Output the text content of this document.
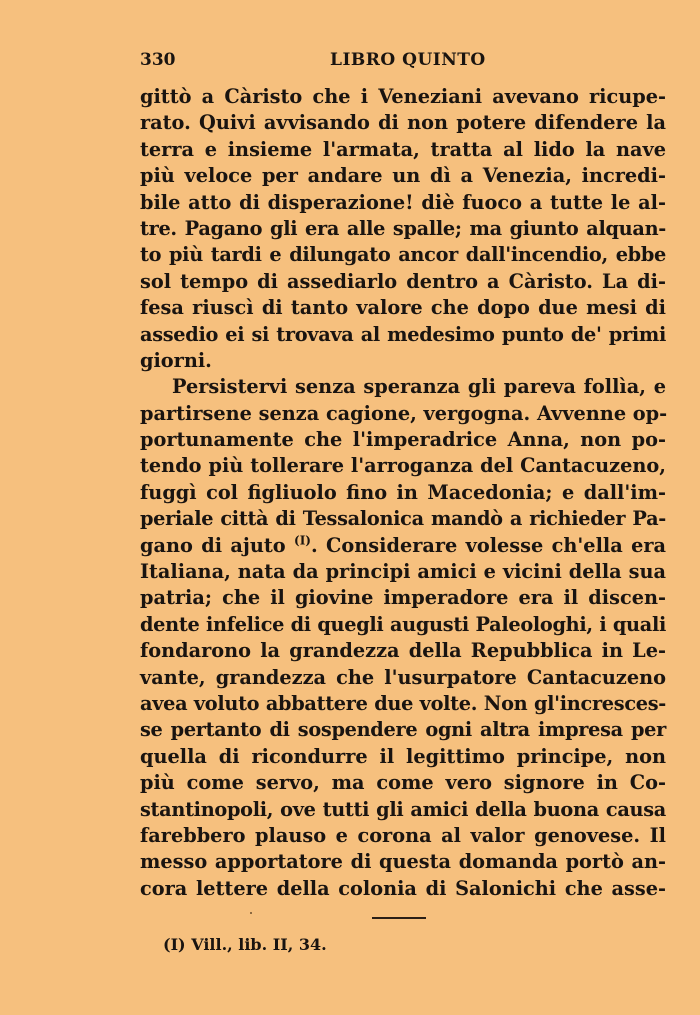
330	LIBRO QUINTO
gittò a Càristo che i Veneziani avevano ricupe-
rato. Quivi avvisando di non potere difendere la
terra e insieme l'armata, tratta al lido la nave
più veloce per andare un dì a Venezia, incredi-
bile atto di disperazione! diè fuoco a tutte le al-
tre. Pagano gli era alle spalle; ma giunto alquan-
to più tardi e dilungato ancor dall'incendio, ebbe
sol tempo di assediarlo dentro a Càristo. La di-
fesa riuscì di tanto valore che dopo due mesi di
assedio ei si trovava al medesimo punto de' primi
giorni.
Persistervi senza speranza gli pareva follìa, e
partirsene senza cagione, vergogna. Avvenne op-
portunamente che l'imperadrice Anna, non po-
tendo più tollerare l'arroganza del Cantacuzeno,
fuggì col figliuolo fino in Macedonia; e dall'im-
periale città di Tessalonica mandò a richieder Pa-
gano di ajuto $^{(I)}$. Considerare volesse ch'ella era
Italiana, nata da principi amici e vicini della sua
patria; che il giovine imperadore era il discen-
dente infelice di quegli augusti Paleologhi, i quali
fondarono la grandezza della Repubblica in Le-
vante, grandezza che l'usurpatore Cantacuzeno
avea voluto abbattere due volte. Non gl'incresces-
se pertanto di sospendere ogni altra impresa per
quella di ricondurre il legittimo principe, non
più come servo, ma come vero signore in Co-
stantinopoli, ove tutti gli amici della buona causa
farebbero plauso e corona al valor genovese. Il
messo apportatore di questa domanda portò an-
cora lettere della colonia di Salonichi che asse-
(I) Vill., lib. II, 34.
